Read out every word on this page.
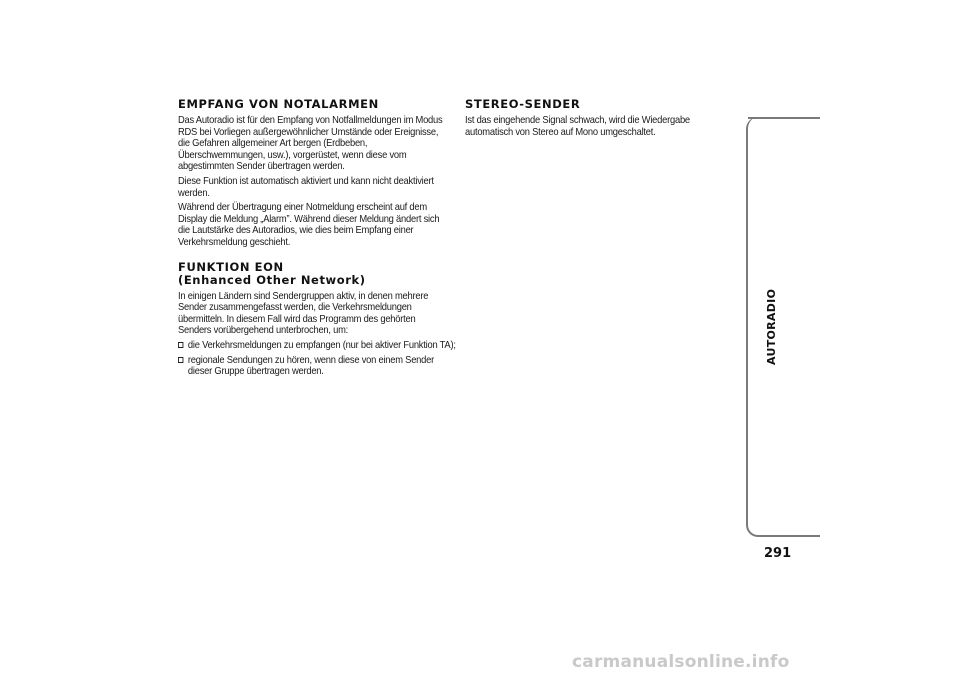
EMPFANG VON NOTALARMEN

Das Autoradio ist für den Empfang von Notfallmeldungen im Modus RDS bei Vorliegen außergewöhnlicher Umstände oder Ereignisse, die Gefahren allgemeiner Art bergen (Erdbeben, Überschwemmungen, usw.), vorgerüstet, wenn diese vom abgestimmten Sender übertragen werden.

Diese Funktion ist automatisch aktiviert und kann nicht deaktiviert werden.

Während der Übertragung einer Notmeldung erscheint auf dem Display die Meldung „Alarm”. Während dieser Meldung ändert sich die Lautstärke des Autoradios, wie dies beim Empfang einer Verkehrsmeldung geschieht.

FUNKTION EON
(Enhanced Other Network)

In einigen Ländern sind Sendergruppen aktiv, in denen mehrere Sender zusammengefasst werden, die Verkehrsmeldungen übermitteln. In diesem Fall wird das Programm des gehörten Senders vorübergehend unterbrochen, um:

die Verkehrsmeldungen zu empfangen (nur bei aktiver Funktion TA);
regionale Sendungen zu hören, wenn diese von einem Sender dieser Gruppe übertragen werden.
STEREO-SENDER

Ist das eingehende Signal schwach, wird die Wiedergabe automatisch von Stereo auf Mono umgeschaltet.

AUTORADIO
291
carmanualsonline.info
